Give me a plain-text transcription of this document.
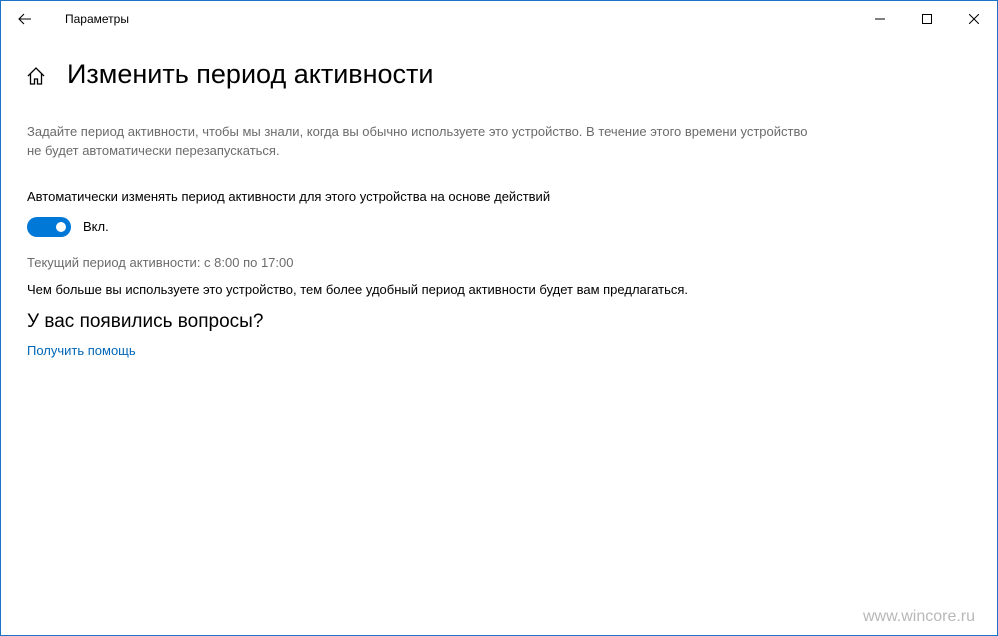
Параметры
Изменить период активности
Задайте период активности, чтобы мы знали, когда вы обычно используете это устройство. В течение этого времени устройство не будет автоматически перезапускаться.
Автоматически изменять период активности для этого устройства на основе действий
Вкл.
Текущий период активности: с 8:00 по 17:00
Чем больше вы используете это устройство, тем более удобный период активности будет вам предлагаться.
У вас появились вопросы?
Получить помощь
www.wincore.ru
